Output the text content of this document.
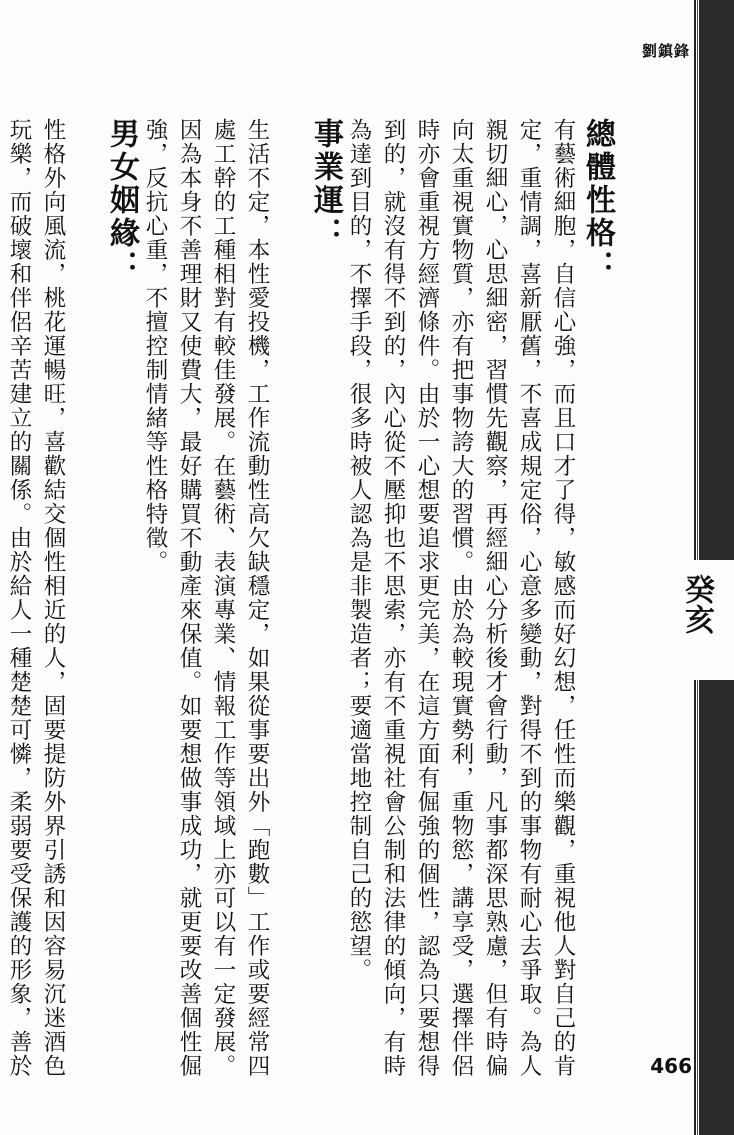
劉鎮鋒
癸亥
總體性格：
有藝術細胞，自信心強，而且口才了得，敏感而好幻想，任性而樂觀，重視他人對自己的肯定，重情調，喜新厭舊，不喜成規定俗，心意多變動，對得不到的事物有耐心去爭取。為人親切細心，心思細密，習慣先觀察，再經細心分析後才會行動，凡事都深思熟慮，但有時偏向太重視實物質，亦有把事物誇大的習慣。由於為較現實勢利，重物慾，講享受，選擇伴侶時亦會重視方經濟條件。由於一心想要追求更完美，在這方面有倔強的個性，認為只要想得到的，就沒有得不到的，內心從不壓抑也不思索，亦有不重視社會公制和法律的傾向，有時為達到目的，不擇手段，很多時被人認為是非製造者；要適當地控制自己的慾望。
事業運：
生活不定，本性愛投機，工作流動性高欠缺穩定，如果從事要出外「跑數」工作或要經常四處工幹的工種相對有較佳發展。在藝術、表演專業、情報工作等領域上亦可以有一定發展。因為本身不善理財又使費大，最好購買不動產來保值。如要想做事成功，就更要改善個性倔強，反抗心重，不擅控制情緒等性格特徵。
男女姻緣：
性格外向風流，桃花運暢旺，喜歡結交個性相近的人，固要提防外界引誘和因容易沉迷酒色玩樂，而破壞和伴侶辛苦建立的關係。由於給人一種楚楚可憐，柔弱要受保護的形象，善於	466
